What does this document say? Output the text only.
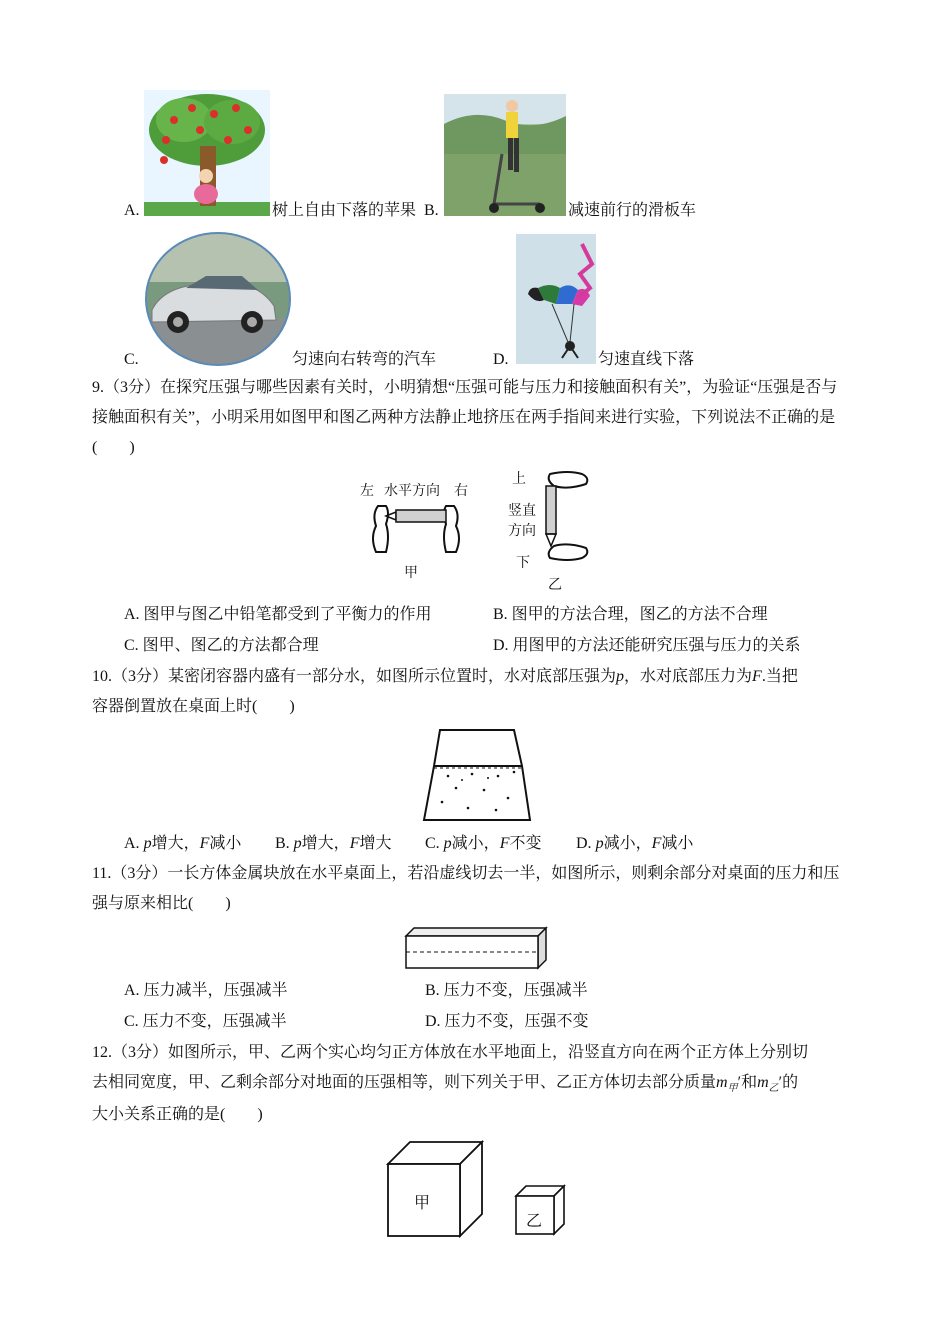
A.	树上自由下落的苹果 B.	减速前行的滑板车
C.	匀速向右转弯的汽车	D.	匀速直线下落
9.（3分）在探究压强与哪些因素有关时，小明猜想“压强可能与压力和接触面积有关”，为验证“压强是否与接触面积有关”，小明采用如图甲和图乙两种方法静止地挤压在两手指间来进行实验，下列说法不正确的是(　　)
左 水平方向 右
甲
上
竖直
方向
下
乙
A. 图甲与图乙中铅笔都受到了平衡力的作用	B. 图甲的方法合理，图乙的方法不合理
C. 图甲、图乙的方法都合理	D. 用图甲的方法还能研究压强与压力的关系
10.（3分）某密闭容器内盛有一部分水，如图所示位置时，水对底部压强为p，水对底部压力为F.当把
容器倒置放在桌面上时(　　)
A. p增大，F减小 B. p增大，F增大 C. p减小，F不变 D. p减小，F减小
11.（3分）一长方体金属块放在水平桌面上，若沿虚线切去一半，如图所示，则剩余部分对桌面的压力和压强与原来相比(　　)
A. 压力减半，压强减半	B. 压力不变，压强减半
C. 压力不变，压强减半	D. 压力不变，压强不变
12.（3分）如图所示，甲、乙两个实心均匀正方体放在水平地面上，沿竖直方向在两个正方体上分别切
去相同宽度，甲、乙剩余部分对地面的压强相等，则下列关于甲、乙正方体切去部分质量$m_甲'$和$m_乙'$的
大小关系正确的是(　　)
甲
乙
